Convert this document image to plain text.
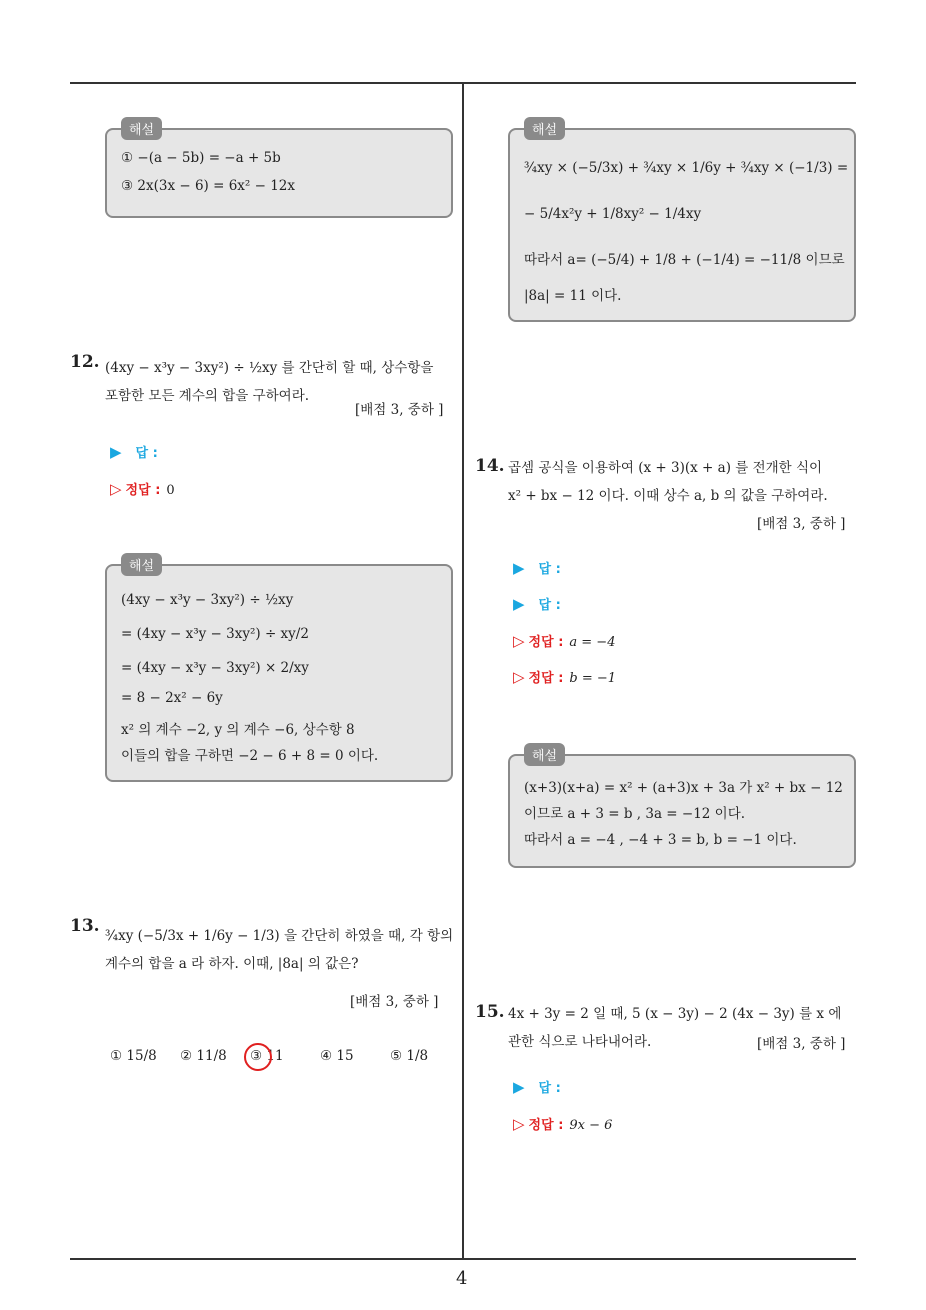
해설
① −(a − 5b) = −a + 5b
③ 2x(3x − 6) = 6x² − 12x
12. (4xy − x³y − 3xy²) ÷ ½xy 를 간단히 할 때, 상수항을
포함한 모든 계수의 합을 구하여라.
[배점 3, 중하 ]
▶ 답 :
▷ 정답 : 0
해설
(4xy − x³y − 3xy²) ÷ ½xy
= (4xy − x³y − 3xy²) ÷ xy/2
= (4xy − x³y − 3xy²) × 2/xy
= 8 − 2x² − 6y
x² 의 계수 −2, y 의 계수 −6, 상수항 8
이들의 합을 구하면 −2 − 6 + 8 = 0 이다.
13. ¾xy (−5/3x + 1/6y − 1/3) 을 간단히 하였을 때, 각 항의
계수의 합을 a 라 하자. 이때, |8a| 의 값은?
[배점 3, 중하 ]
① 15/8 ② 11/8 ③ 11	④ 15	⑤ 1/8
해설
¾xy × (−5/3x) + ¾xy × 1/6y + ¾xy × (−1/3) =
− 5/4x²y + 1/8xy² − 1/4xy
따라서 a= (−5/4) + 1/8 + (−1/4) = −11/8 이므로
|8a| = 11 이다.
14. 곱셈 공식을 이용하여 (x + 3)(x + a) 를 전개한 식이
x² + bx − 12 이다. 이때 상수 a, b 의 값을 구하여라.
[배점 3, 중하 ]
▶ 답 :
▶ 답 :
▷ 정답 : a = −4
▷ 정답 : b = −1
해설
(x+3)(x+a) = x² + (a+3)x + 3a 가 x² + bx − 12
이므로 a + 3 = b , 3a = −12 이다.
따라서 a = −4 , −4 + 3 = b, b = −1 이다.
15. 4x + 3y = 2 일 때, 5 (x − 3y) − 2 (4x − 3y) 를 x 에
관한 식으로 나타내어라.	[배점 3, 중하 ]
▶ 답 :
▷ 정답 : 9x − 6
4
